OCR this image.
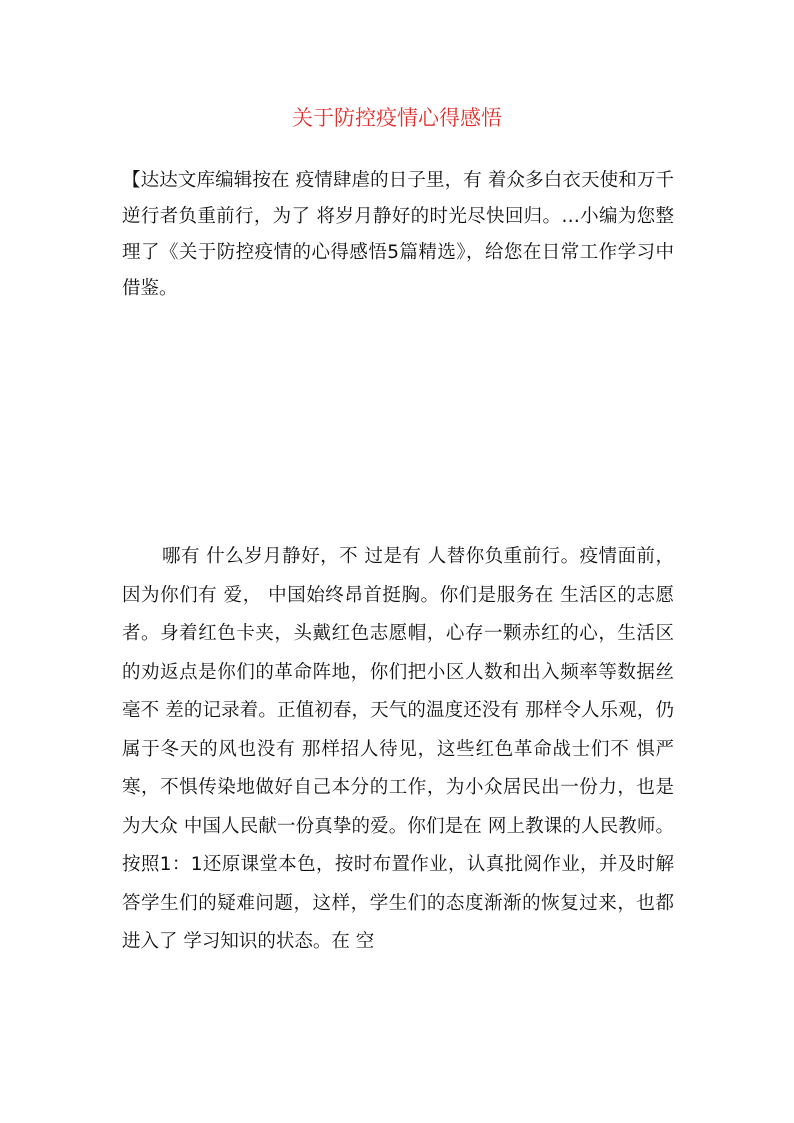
关于防控疫情心得感悟

【达达文库编辑按在 疫情肆虐的日子里，有 着众多白衣天使和万千逆行者负重前行，为了 将岁月静好的时光尽快回归。…小编为您整理了《关于防控疫情的心得感悟5篇精选》，给您在日常工作学习中借鉴。

哪有 什么岁月静好，不 过是有 人替你负重前行。疫情面前，因为你们有 爱， 中国始终昂首挺胸。你们是服务在 生活区的志愿者。身着红色卡夹，头戴红色志愿帽，心存一颗赤红的心，生活区的劝返点是你们的革命阵地，你们把小区人数和出入频率等数据丝毫不 差的记录着。正值初春，天气的温度还没有 那样令人乐观，仍属于冬天的风也没有 那样招人待见，这些红色革命战士们不 惧严寒，不惧传染地做好自己本分的工作，为小众居民出一份力，也是为大众 中国人民献一份真挚的爱。你们是在 网上教课的人民教师。按照1：1还原课堂本色，按时布置作业，认真批阅作业，并及时解答学生们的疑难问题，这样，学生们的态度渐渐的恢复过来，也都进入了 学习知识的状态。在 空
